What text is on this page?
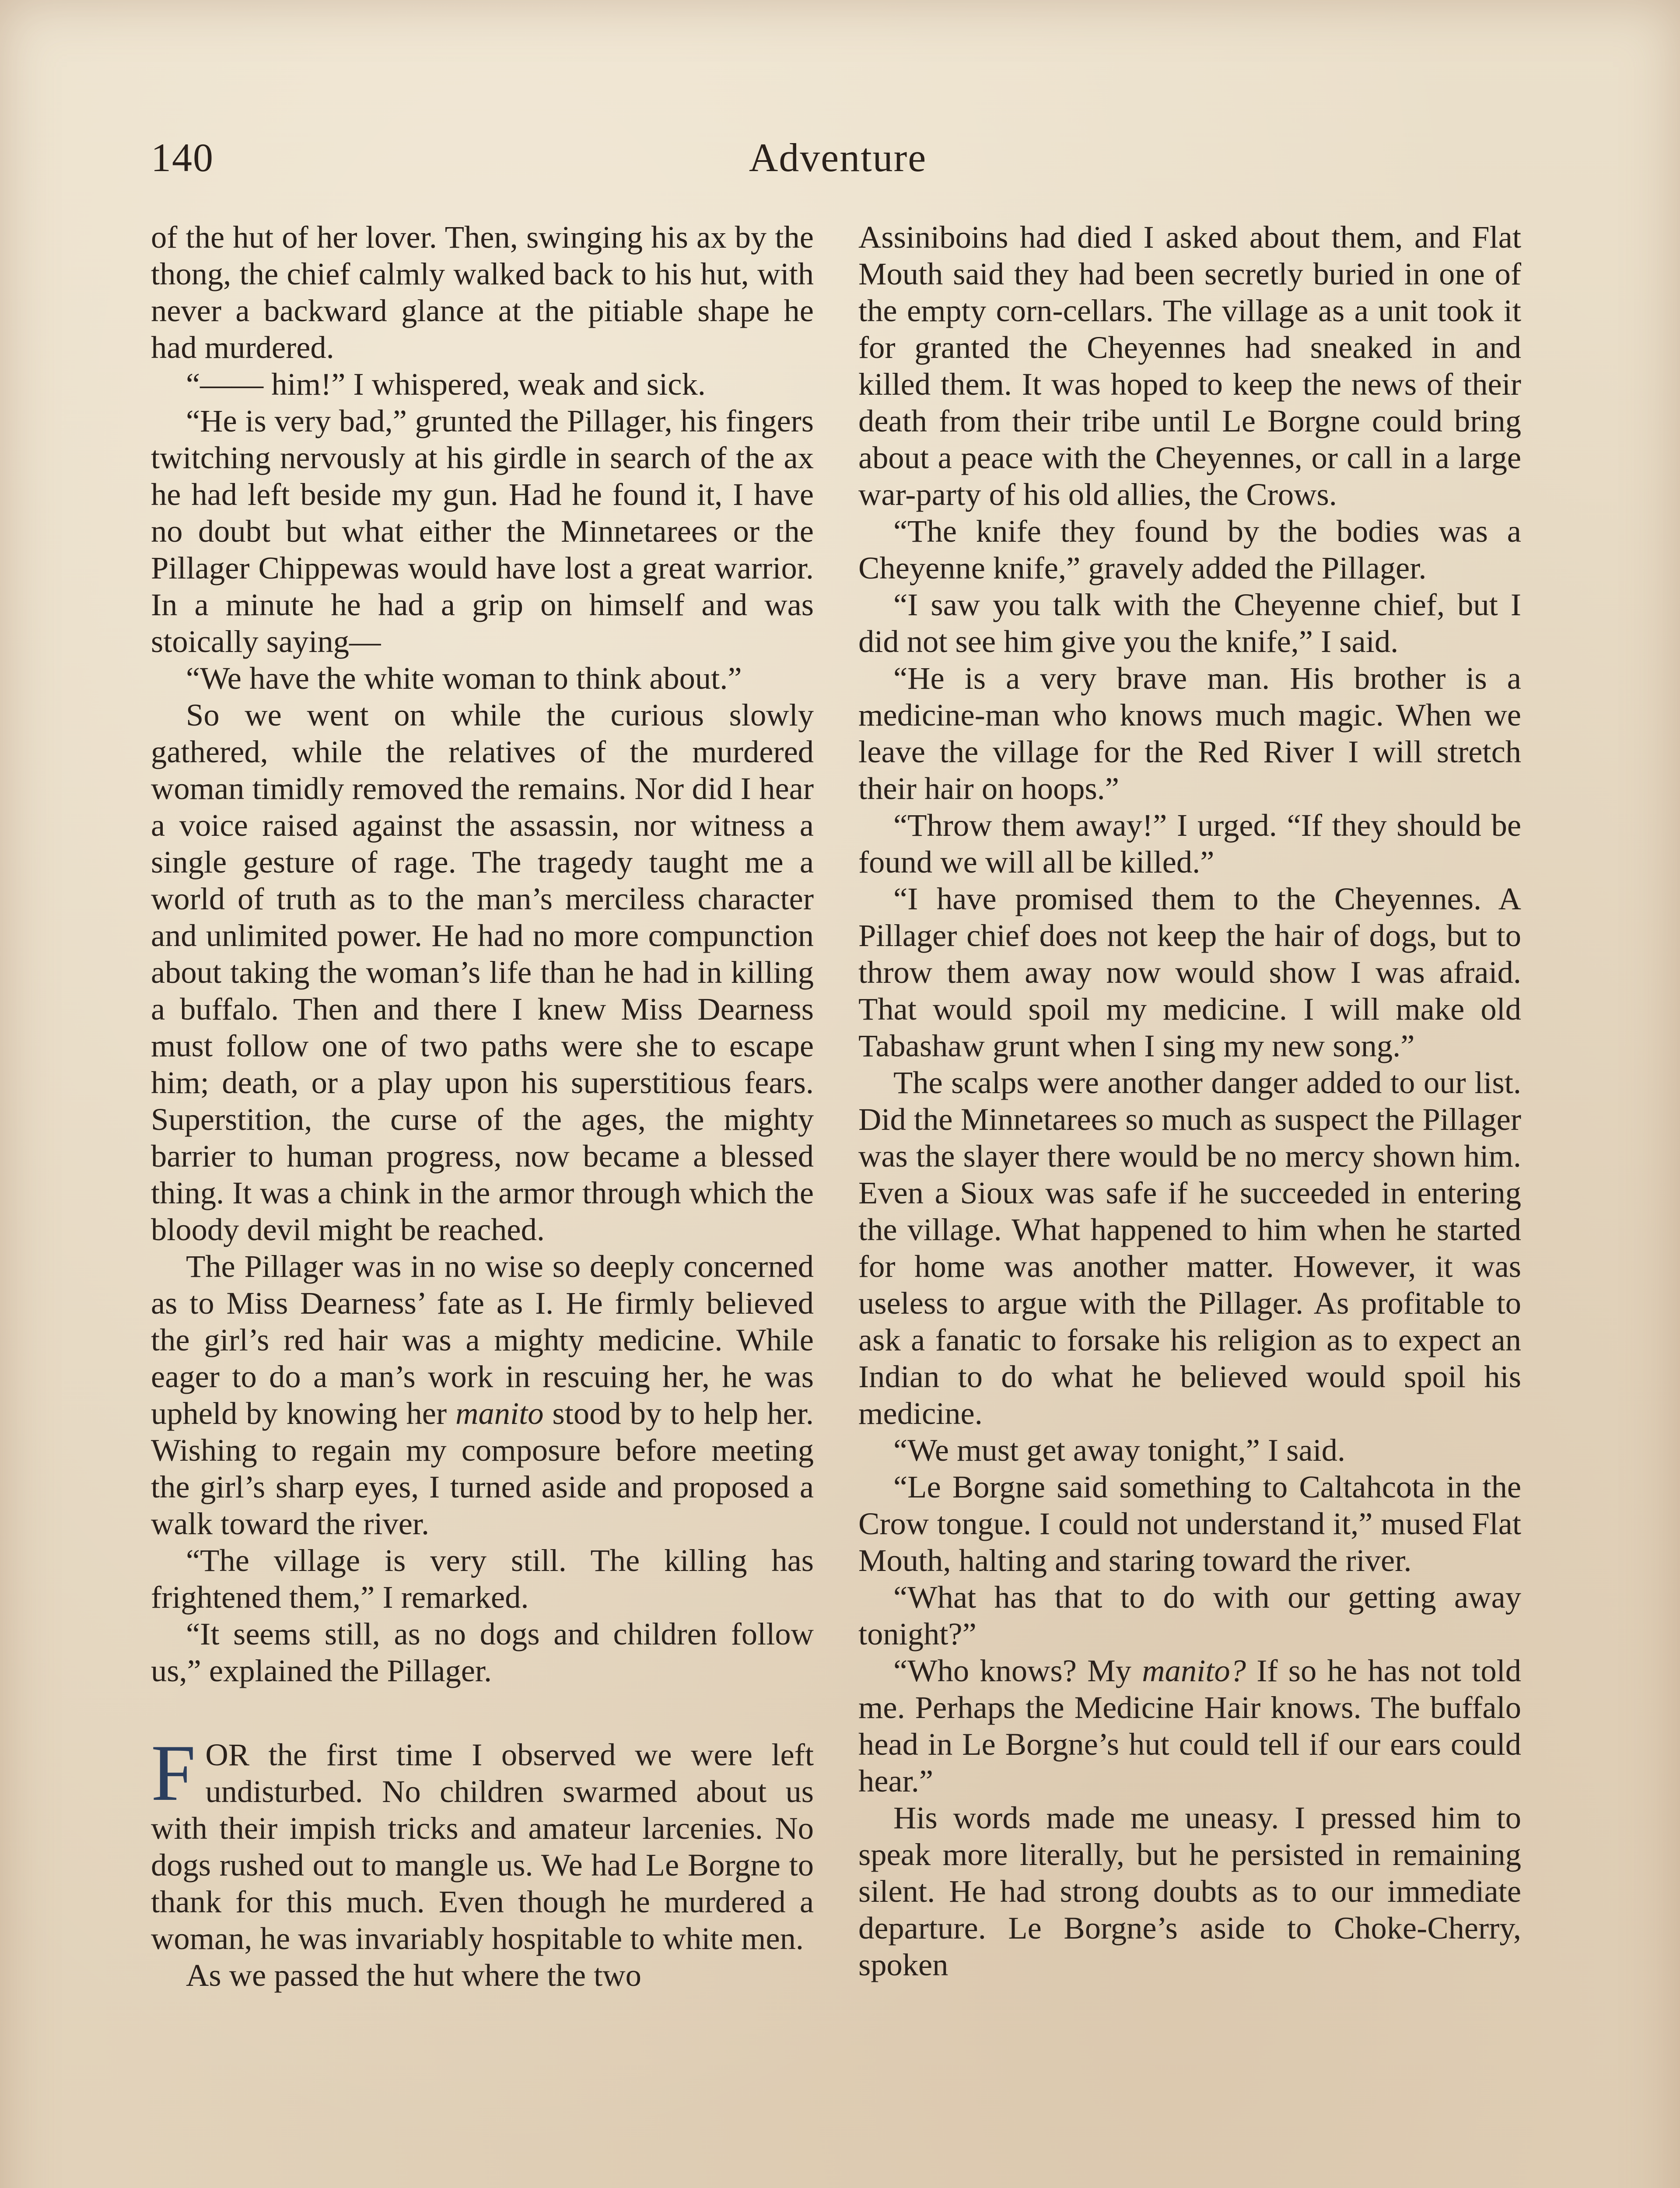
140	Adventure

of the hut of her lover. Then, swinging his ax by the thong, the chief calmly walked back to his hut, with never a backward glance at the pitiable shape he had murdered.

“—— him!” I whispered, weak and sick.

“He is very bad,” grunted the Pillager, his fingers twitching nervously at his girdle in search of the ax he had left beside my gun. Had he found it, I have no doubt but what either the Minnetarees or the Pillager Chippewas would have lost a great warrior. In a minute he had a grip on himself and was stoically saying—

“We have the white woman to think about.”

So we went on while the curious slowly gathered, while the relatives of the murdered woman timidly removed the remains. Nor did I hear a voice raised against the assassin, nor witness a single gesture of rage. The tragedy taught me a world of truth as to the man’s merciless character and unlimited power. He had no more compunction about taking the woman’s life than he had in killing a buffalo. Then and there I knew Miss Dearness must follow one of two paths were she to escape him; death, or a play upon his superstitious fears. Superstition, the curse of the ages, the mighty barrier to human progress, now became a blessed thing. It was a chink in the armor through which the bloody devil might be reached.

The Pillager was in no wise so deeply concerned as to Miss Dearness’ fate as I. He firmly believed the girl’s red hair was a mighty medicine. While eager to do a man’s work in rescuing her, he was upheld by knowing her manito stood by to help her. Wishing to regain my composure before meeting the girl’s sharp eyes, I turned aside and proposed a walk toward the river.

“The village is very still. The killing has frightened them,” I remarked.

“It seems still, as no dogs and children follow us,” explained the Pillager.

FOR the first time I observed we were left undisturbed. No children swarmed about us with their impish tricks and amateur larcenies. No dogs rushed out to mangle us. We had Le Borgne to thank for this much. Even though he murdered a woman, he was invariably hospitable to white men.

As we passed the hut where the two

Assiniboins had died I asked about them, and Flat Mouth said they had been secretly buried in one of the empty corn-cellars. The village as a unit took it for granted the Cheyennes had sneaked in and killed them. It was hoped to keep the news of their death from their tribe until Le Borgne could bring about a peace with the Cheyennes, or call in a large war-party of his old allies, the Crows.

“The knife they found by the bodies was a Cheyenne knife,” gravely added the Pillager.

“I saw you talk with the Cheyenne chief, but I did not see him give you the knife,” I said.

“He is a very brave man. His brother is a medicine-man who knows much magic. When we leave the village for the Red River I will stretch their hair on hoops.”

“Throw them away!” I urged. “If they should be found we will all be killed.”

“I have promised them to the Cheyennes. A Pillager chief does not keep the hair of dogs, but to throw them away now would show I was afraid. That would spoil my medicine. I will make old Tabashaw grunt when I sing my new song.”

The scalps were another danger added to our list. Did the Minnetarees so much as suspect the Pillager was the slayer there would be no mercy shown him. Even a Sioux was safe if he succeeded in entering the village. What happened to him when he started for home was another matter. However, it was useless to argue with the Pillager. As profitable to ask a fanatic to forsake his religion as to expect an Indian to do what he believed would spoil his medicine.

“We must get away tonight,” I said.

“Le Borgne said something to Caltahcota in the Crow tongue. I could not understand it,” mused Flat Mouth, halting and staring toward the river.

“What has that to do with our getting away tonight?”

“Who knows? My manito? If so he has not told me. Perhaps the Medicine Hair knows. The buffalo head in Le Borgne’s hut could tell if our ears could hear.”

His words made me uneasy. I pressed him to speak more literally, but he persisted in remaining silent. He had strong doubts as to our immediate departure. Le Borgne’s aside to Choke-Cherry, spoken
